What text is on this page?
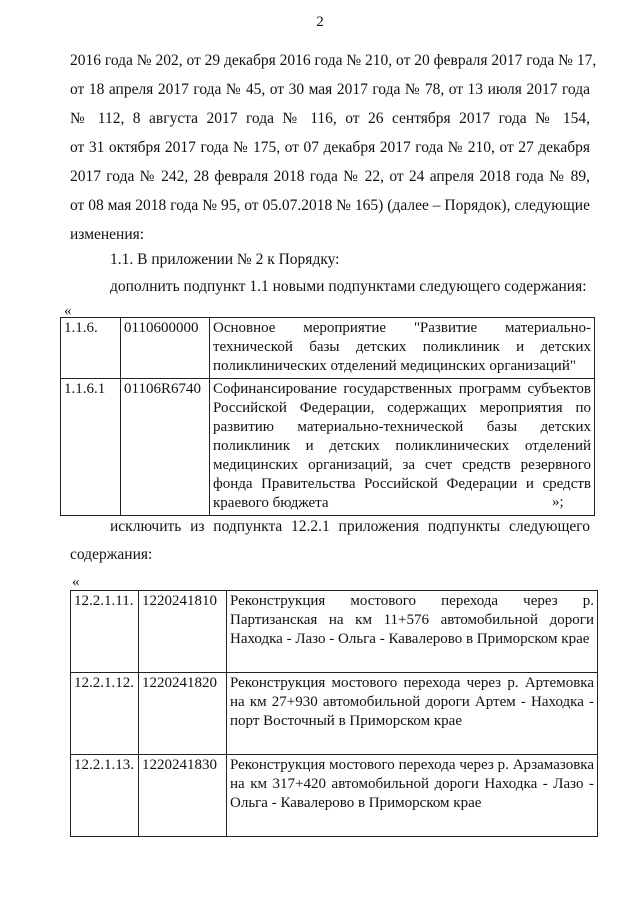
2
2016 года № 202, от 29 декабря 2016 года № 210, от 20 февраля 2017 года № 17,
от 18 апреля 2017 года № 45, от 30 мая 2017 года № 78, от 13 июля 2017 года
№ 112, 8 августа 2017 года № 116, от 26 сентября 2017 года № 154,
от 31 октября 2017 года № 175, от 07 декабря 2017 года № 210, от 27 декабря
2017 года № 242, 28 февраля 2018 года № 22, от 24 апреля 2018 года № 89,
от 08 мая 2018 года № 95, от 05.07.2018 № 165) (далее – Порядок), следующие
изменения:

1.1. В приложении № 2 к Порядку:

дополнить подпункт 1.1 новыми подпунктами следующего содержания:

«
1.1.6.	0110600000	Основное мероприятие "Развитие материально-технической базы детских поликлиник и детских поликлинических отделений медицинских организаций"
1.1.6.1	01106R6740	Софинансирование государственных программ субъектов Российской Федерации, содержащих мероприятия по развитию материально-технической базы детских поликлиник и детских поликлинических отделений медицинских организаций, за счет средств резервного фонда Правительства Российской Федерации и средств краевого бюджета	»;

исключить из подпункта 12.2.1 приложения подпункты следующего

содержания:

«
12.2.1.11.	1220241810	Реконструкция мостового перехода через р. Партизанская на км 11+576 автомобильной дороги Находка - Лазо - Ольга - Кавалерово в Приморском крае
12.2.1.12.	1220241820	Реконструкция мостового перехода через р. Артемовка на км 27+930 автомобильной дороги Артем - Находка - порт Восточный в Приморском крае
12.2.1.13.	1220241830	Реконструкция мостового перехода через р. Арзамазовка на км 317+420 автомобильной дороги Находка - Лазо - Ольга - Кавалерово в Приморском крае
